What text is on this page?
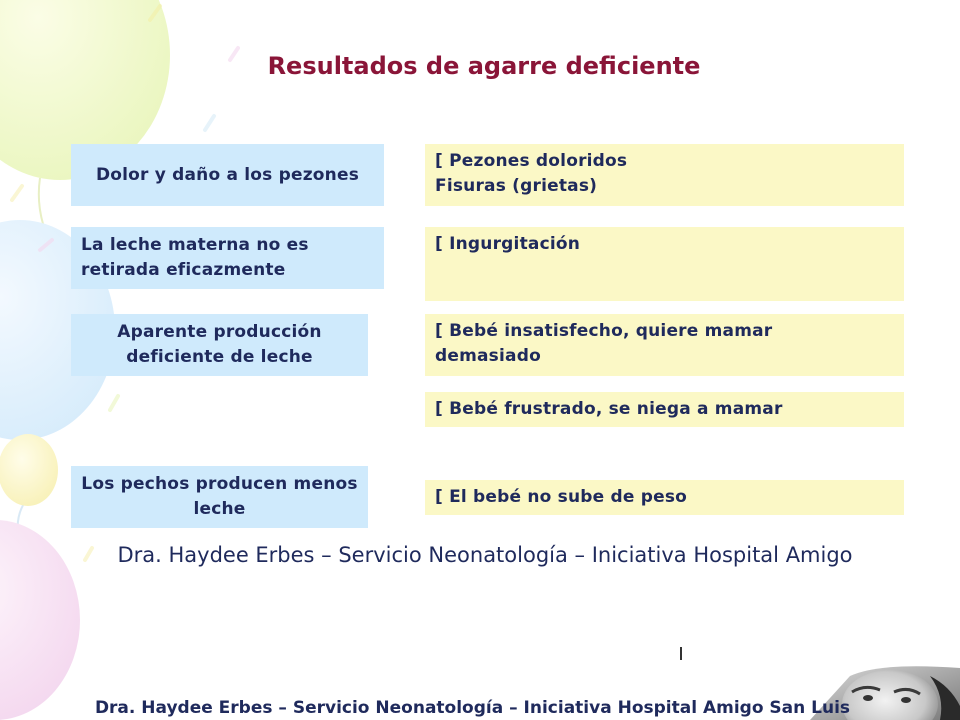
Resultados de agarre deficiente
Dolor y daño a los pezones
[ Pezones doloridos
Fisuras (grietas)
La leche materna no es retirada eficazmente
[ Ingurgitación
Aparente producción deficiente de leche
[ Bebé insatisfecho, quiere mamar
demasiado
[ Bebé frustrado, se niega a mamar
Los pechos producen menos leche
[ El bebé no sube de peso
Dra. Haydee Erbes – Servicio Neonatología – Iniciativa Hospital Amigo
Dra. Haydee Erbes – Servicio Neonatología – Iniciativa Hospital Amigo San Luis
